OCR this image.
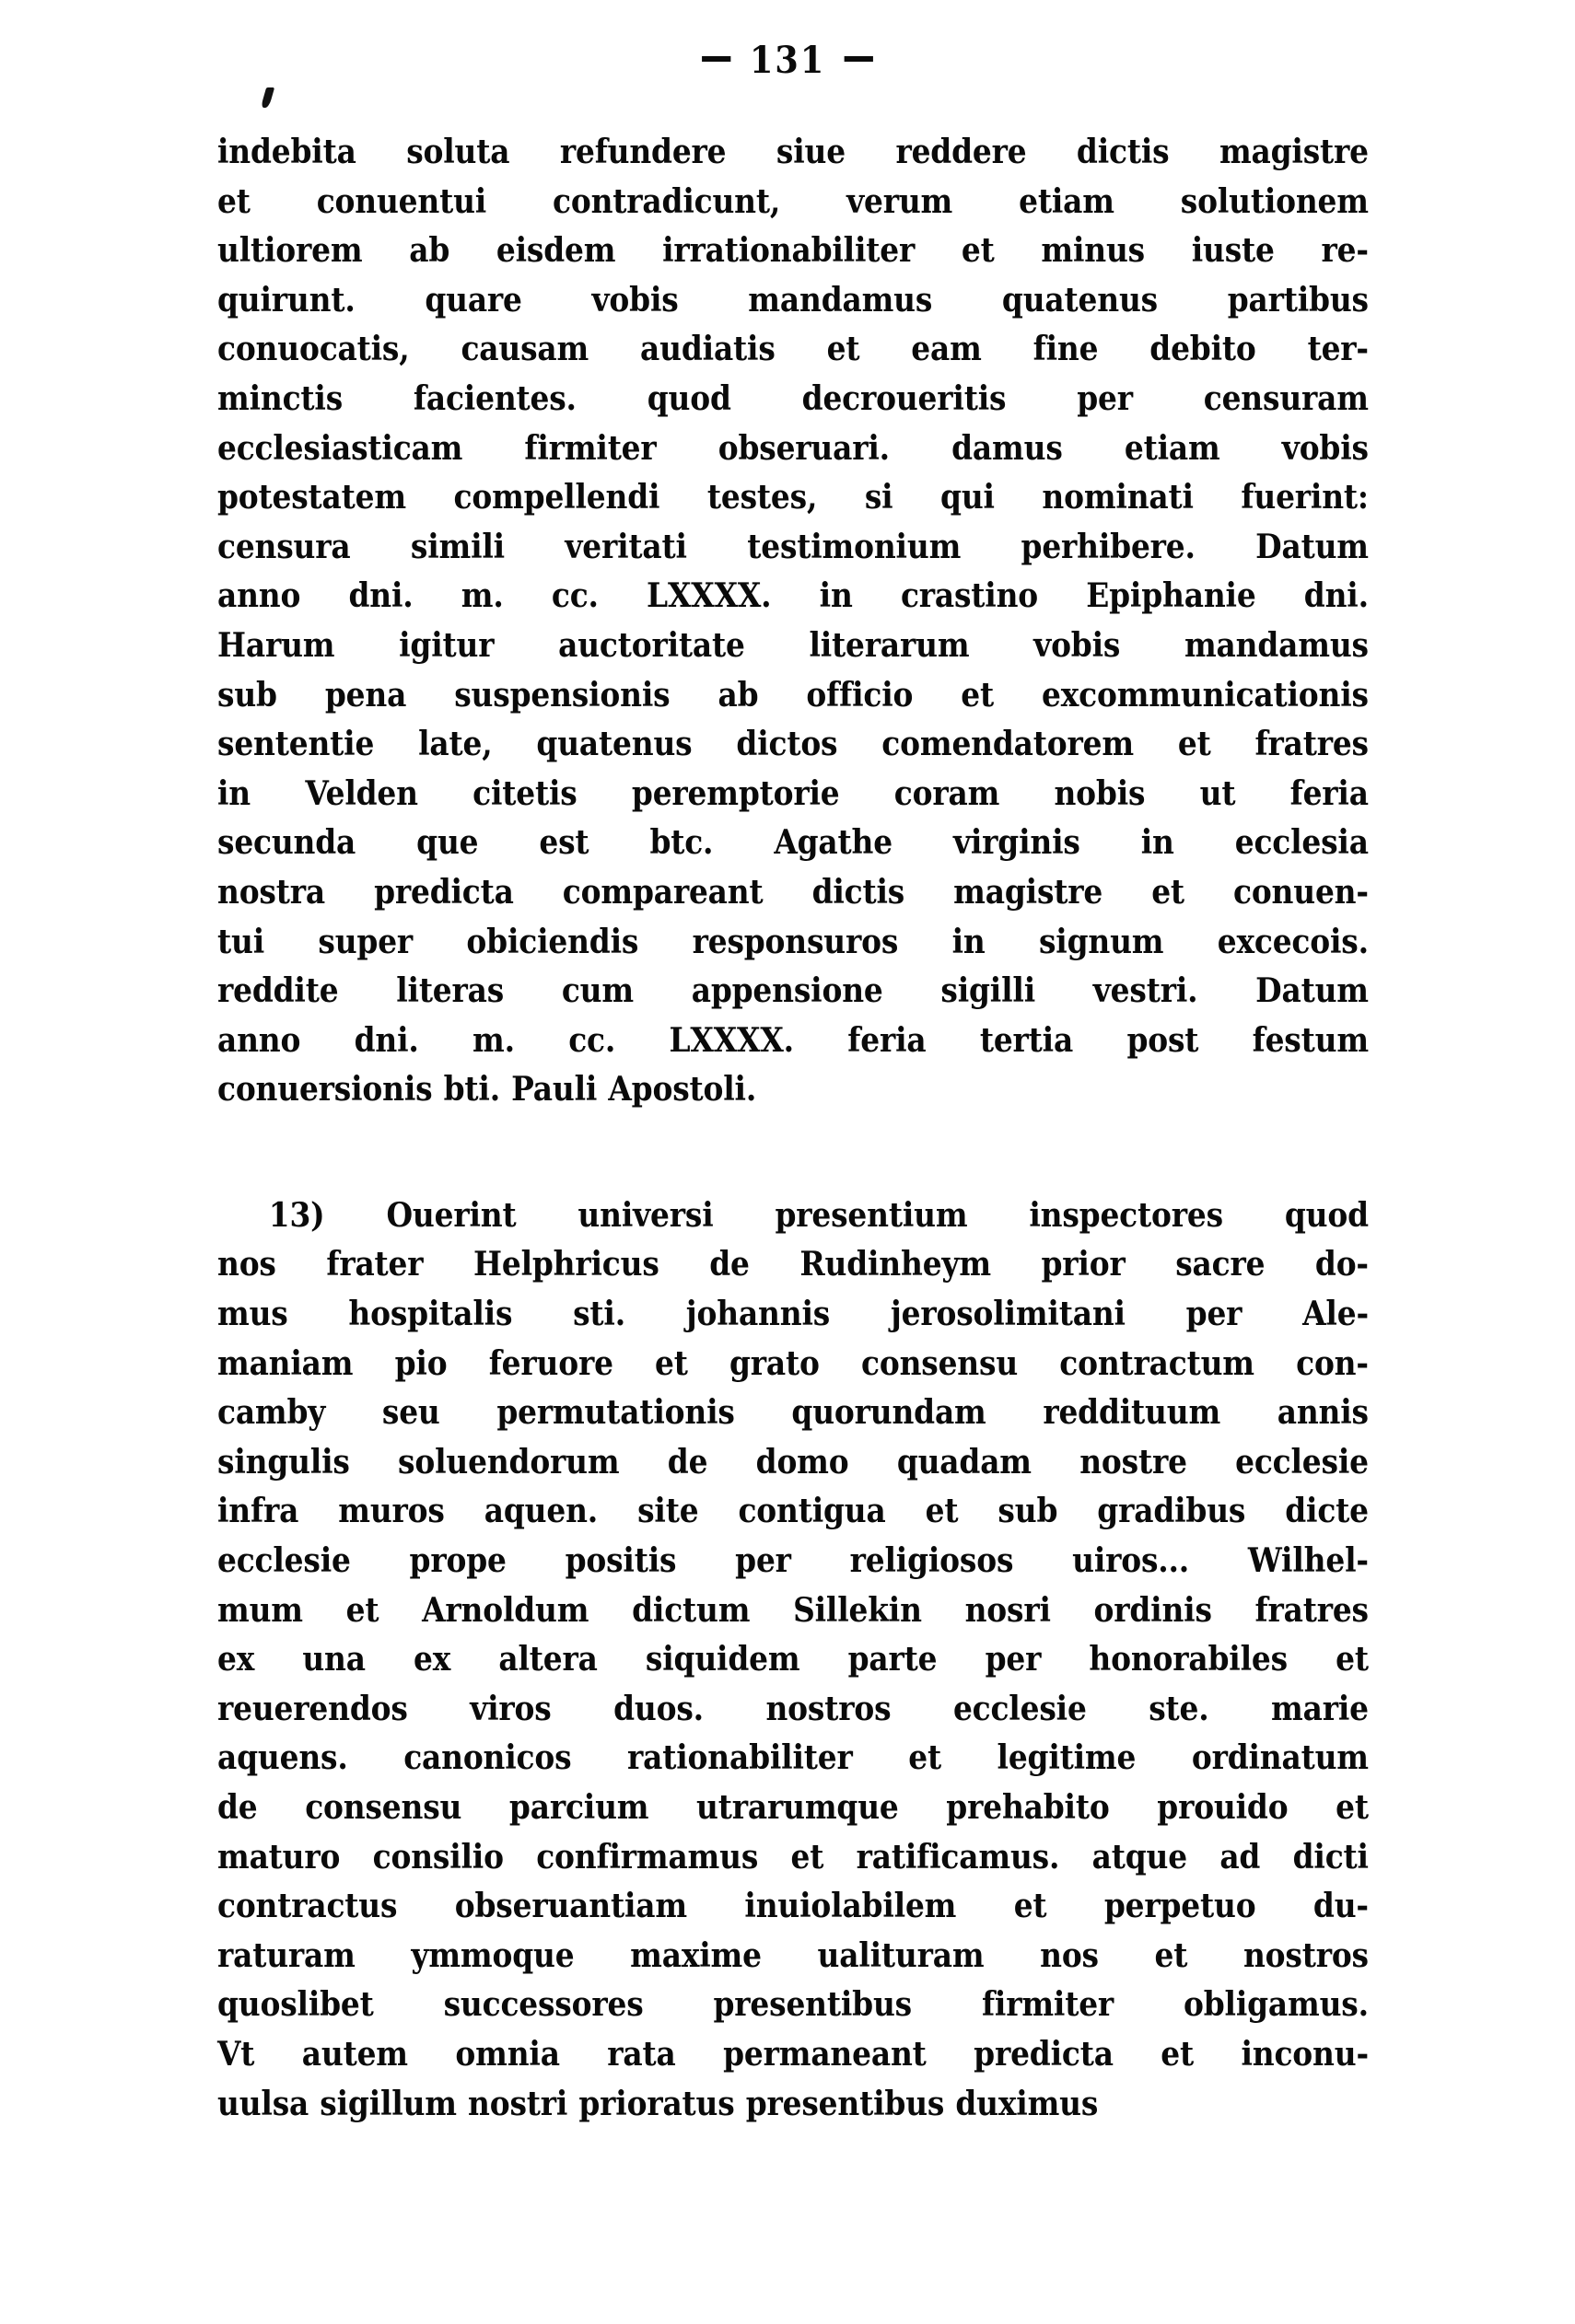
131
indebita soluta refundere siue reddere dictis magistre
et conuentui contradicunt, verum etiam solutionem
ultiorem ab eisdem irrationabiliter et minus iuste re-
quirunt. quare vobis mandamus quatenus partibus
conuocatis, causam audiatis et eam fine debito ter-
minctis facientes. quod decroueritis per censuram
ecclesiasticam firmiter obseruari. damus etiam vobis
potestatem compellendi testes, si qui nominati fuerint:
censura simili veritati testimonium perhibere. Datum
anno dni. m. cc. LXXXX. in crastino Epiphanie dni.
Harum igitur auctoritate literarum vobis mandamus
sub pena suspensionis ab officio et excommunicationis
sententie late, quatenus dictos comendatorem et fratres
in Velden citetis peremptorie coram nobis ut feria
secunda que est btc. Agathe virginis in ecclesia
nostra predicta compareant dictis magistre et conuen-
tui super obiciendis responsuros in signum excecois.
reddite literas cum appensione sigilli vestri. Datum
anno dni. m. cc. LXXXX. feria tertia post festum
conuersionis bti. Pauli Apostoli.
13) Ouerint universi presentium inspectores quod
nos frater Helphricus de Rudinheym prior sacre do-
mus hospitalis sti. johannis jerosolimitani per Ale-
maniam pio feruore et grato consensu contractum con-
camby seu permutationis quorundam reddituum annis
singulis soluendorum de domo quadam nostre ecclesie
infra muros aquen. site contigua et sub gradibus dicte
ecclesie prope positis per religiosos uiros... Wilhel-
mum et Arnoldum dictum Sillekin nosri ordinis fratres
ex una ex altera siquidem parte per honorabiles et
reuerendos viros duos. nostros ecclesie ste. marie
aquens. canonicos rationabiliter et legitime ordinatum
de consensu parcium utrarumque prehabito prouido et
maturo consilio confirmamus et ratificamus. atque ad dicti
contractus obseruantiam inuiolabilem et perpetuo du-
raturam ymmoque maxime ualituram nos et nostros
quoslibet successores presentibus firmiter obligamus.
Vt autem omnia rata permaneant predicta et inconu-
uulsa sigillum nostri prioratus presentibus duximus
